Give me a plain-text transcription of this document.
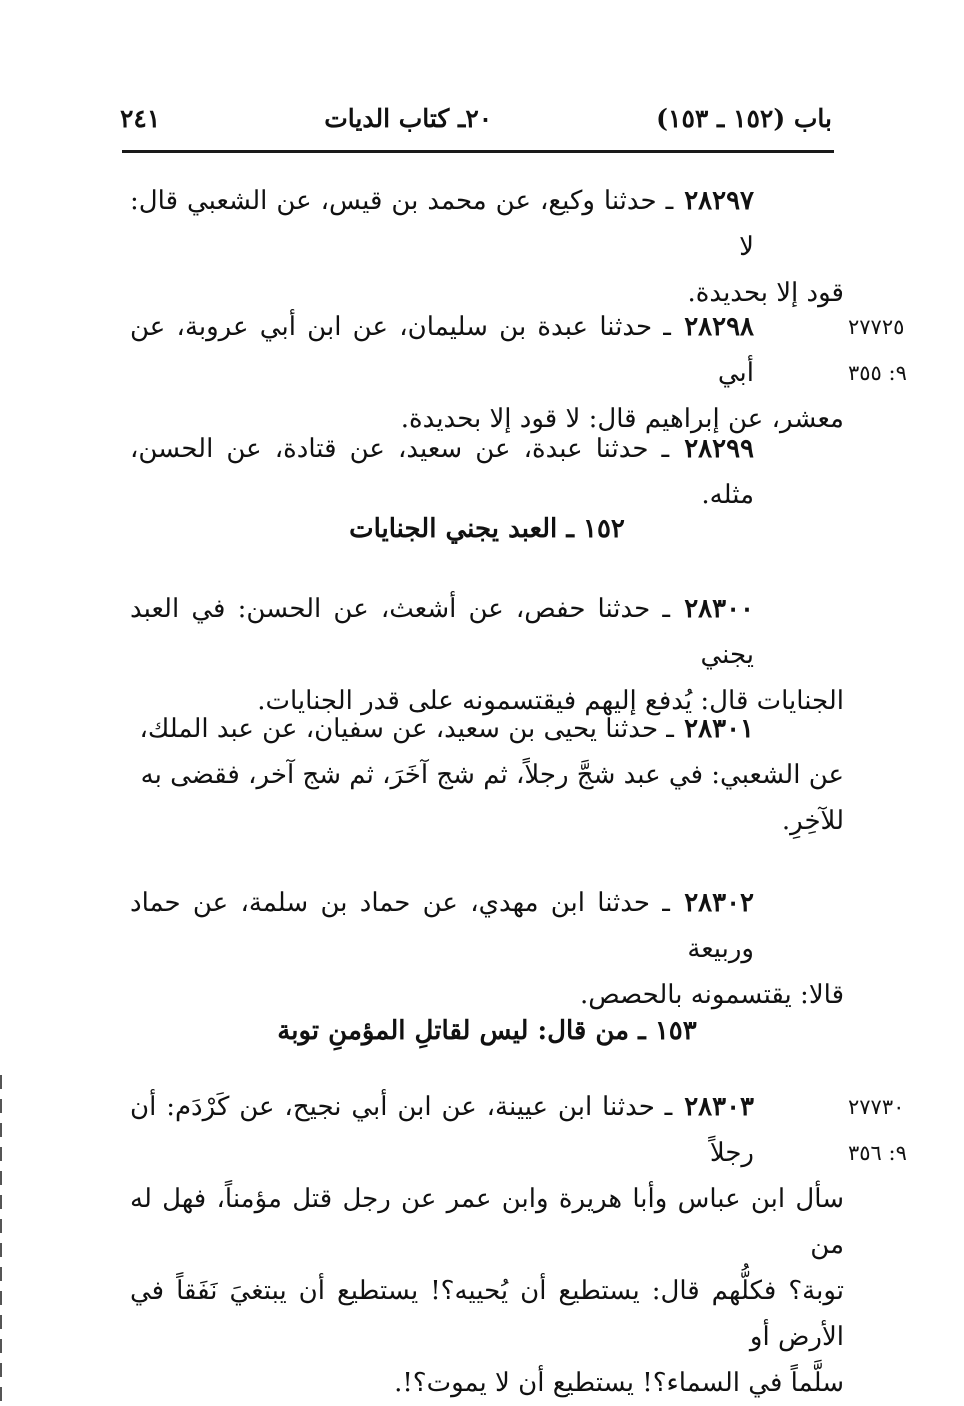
باب (١٥٢ ـ ١٥٣)
٢٠ـ كتاب الديات
٢٤١
٢٨٢٩٧ ـ حدثنا وكيع، عن محمد بن قيس، عن الشعبي قال: لا
قود إلا بحديدة.
٢٧٧٢٥
٩: ٣٥٥
٢٨٢٩٨ ـ حدثنا عبدة بن سليمان، عن ابن أبي عروبة، عن أبي
معشر، عن إبراهيم قال: لا قود إلا بحديدة.
٢٨٢٩٩ ـ حدثنا عبدة، عن سعيد، عن قتادة، عن الحسن، مثله.
١٥٢ ـ العبد يجني الجنايات
٢٨٣٠٠ ـ حدثنا حفص، عن أشعث، عن الحسن: في العبد يجني
الجنايات قال: يُدفع إليهم فيقتسمونه على قدر الجنايات.
٢٨٣٠١ ـ حدثنا يحيى بن سعيد، عن سفيان، عن عبد الملك،
عن الشعبي: في عبد شجَّ رجلاً، ثم شج آخَرَ، ثم شج آخر، فقضى به
للآخِرِ.
٢٨٣٠٢ ـ حدثنا ابن مهدي، عن حماد بن سلمة، عن حماد وربيعة
قالا: يقتسمونه بالحصص.
١٥٣ ـ من قال: ليس لقاتلِ المؤمنِ توبة
٢٧٧٣٠
٩: ٣٥٦
٢٨٣٠٣ ـ حدثنا ابن عيينة، عن ابن أبي نجيح، عن كَرْدَم: أن رجلاً
سأل ابن عباس وأبا هريرة وابن عمر عن رجل قتل مؤمناً، فهل له من
توبة؟ فكلُّهم قال: يستطيع أن يُحييه؟! يستطيع أن يبتغيَ نَفَقاً في الأرض أو
سلَّماً في السماء؟! يستطيع أن لا يموت؟!.
